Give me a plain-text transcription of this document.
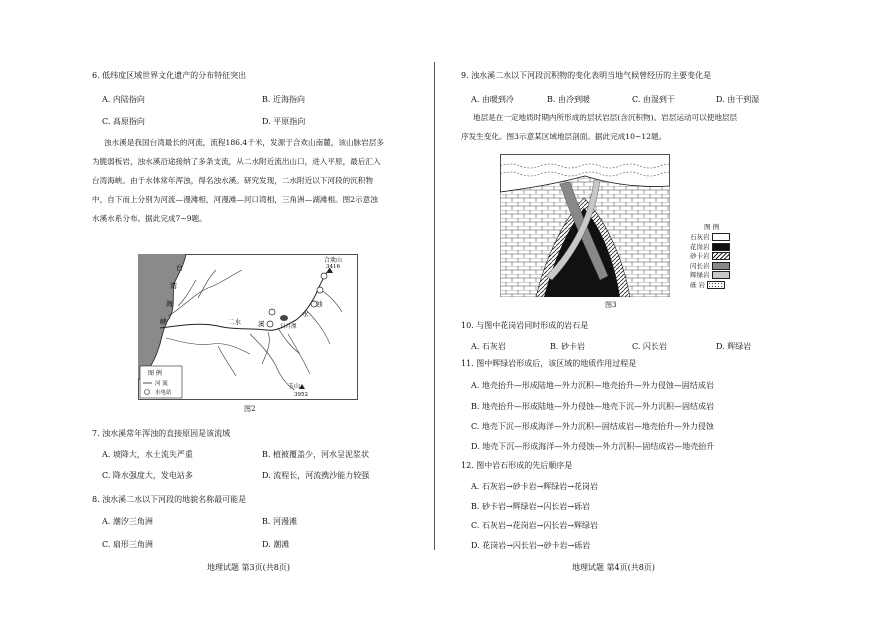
6. 低纬度区域世界文化遗产的分布特征突出
A. 内陆指向	B. 近海指向
C. 高原指向	D. 平原指向
浊水溪是我国台湾最长的河流，流程186.4千米，发源于合欢山南麓，该山脉岩层多
为脆弱板岩，浊水溪沿途接纳了多条支流，从二水附近流出山口，进入平原，最后汇入
台湾海峡。由于水体常年浑浊，得名浊水溪。研究发现，二水附近以下河段的沉积物
中，自下而上分别为河流—漫滩相，河漫滩—河口湾相，三角洲—湖滩相。图2示意浊
水溪水系分布。据此完成7~9题。
台
湾
海
峡	二水	溪
水
浊
日月潭
合欢山
3416
玉山
3952
图 例
河 流
水电站
图2
7. 浊水溪常年浑浊的直接原因是该流域
A. 坡降大，水土流失严重	B. 植被覆盖少，河水呈泥浆状
C. 降水强度大，发电站多	D. 流程长，河流携沙能力较强
8. 浊水溪二水以下河段的地貌名称最可能是
A. 潮汐三角洲	B. 河漫滩
C. 扇形三角洲	D. 潮滩
地理试题 第3页(共8页)
9. 浊水溪二水以下河段沉积物的变化表明当地气候曾经历的主要变化是
A. 由暖到冷	B. 由冷到暖	C. 由湿到干	D. 由干到湿
地层是在一定地质时期内所形成的层状岩层(含沉积物)。岩层运动可以使地层层
序发生变化。图3示意某区域地层剖面。据此完成10~12题。
图3
图 例
石灰岩
花岗岩
砂卡岩
闪长岩
辉绿岩
砾 岩
10. 与图中花岗岩同时形成的岩石是
A. 石灰岩	B. 砂卡岩	C. 闪长岩	D. 辉绿岩
11. 图中辉绿岩形成后，该区域的地质作用过程是
A. 地壳抬升—形成陆地—外力沉积—地壳抬升—外力侵蚀—固结成岩
B. 地壳抬升—形成陆地—外力侵蚀—地壳下沉—外力沉积—固结成岩
C. 地壳下沉—形成海洋—外力沉积—固结成岩—地壳抬升—外力侵蚀
D. 地壳下沉—形成海洋—外力侵蚀—外力沉积—固结成岩—地壳抬升
12. 图中岩石形成的先后顺序是
A. 石灰岩→砂卡岩→辉绿岩→花岗岩
B. 砂卡岩→辉绿岩→闪长岩→砾岩
C. 石灰岩→花岗岩→闪长岩→辉绿岩
D. 花岗岩→闪长岩→砂卡岩→砾岩
地理试题 第4页(共8页)
